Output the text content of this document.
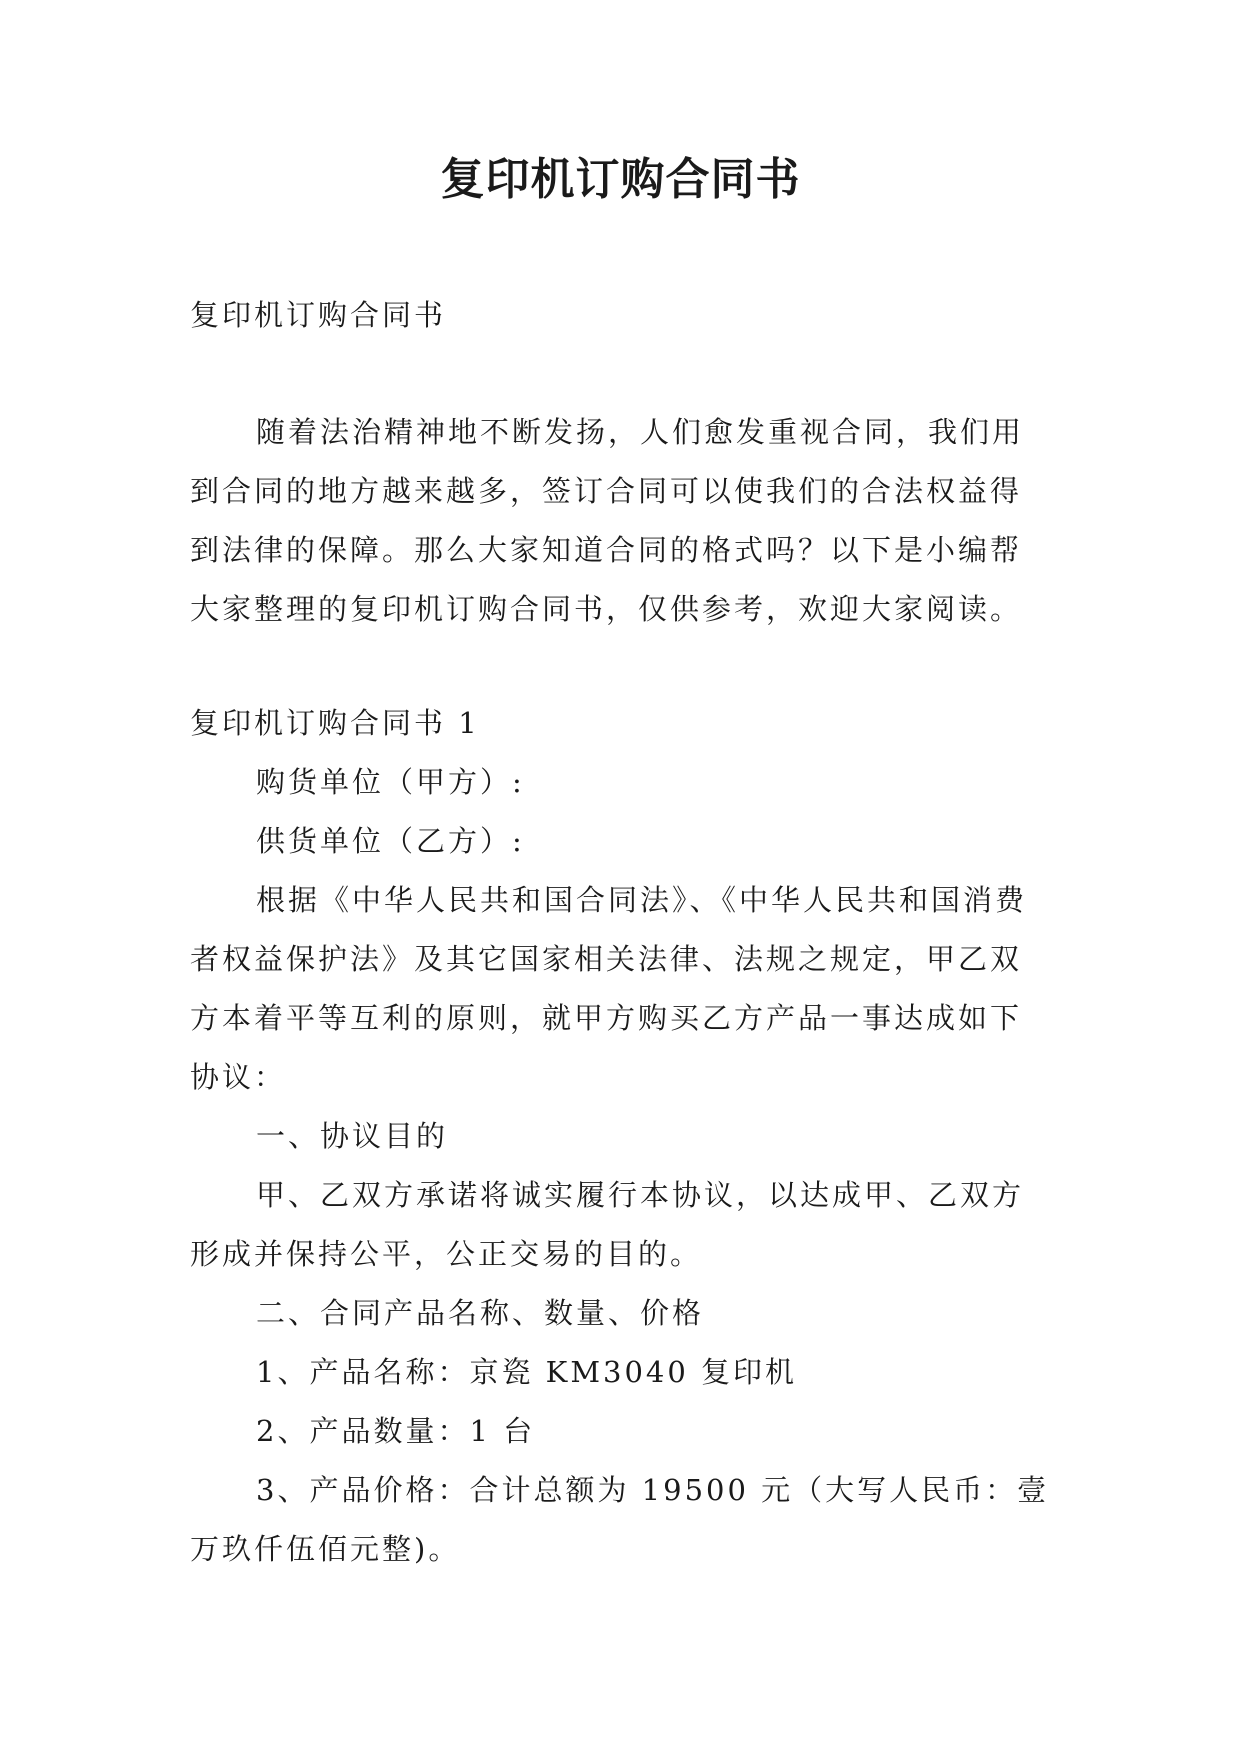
复印机订购合同书
复印机订购合同书
随着法治精神地不断发扬，人们愈发重视合同，我们用
到合同的地方越来越多，签订合同可以使我们的合法权益得
到法律的保障。那么大家知道合同的格式吗？以下是小编帮
大家整理的复印机订购合同书，仅供参考，欢迎大家阅读。
复印机订购合同书 1
购货单位（甲方）:
供货单位（乙方）:
根据《中华人民共和国合同法》、《中华人民共和国消费
者权益保护法》及其它国家相关法律、法规之规定，甲乙双
方本着平等互利的原则，就甲方购买乙方产品一事达成如下
协议：
一、协议目的
甲、乙双方承诺将诚实履行本协议，以达成甲、乙双方
形成并保持公平，公正交易的目的。
二、合同产品名称、数量、价格
1、产品名称：京瓷 KM3040 复印机
2、产品数量：1 台
3、产品价格：合计总额为 19500 元（大写人民币：壹
万玖仟伍佰元整)。
